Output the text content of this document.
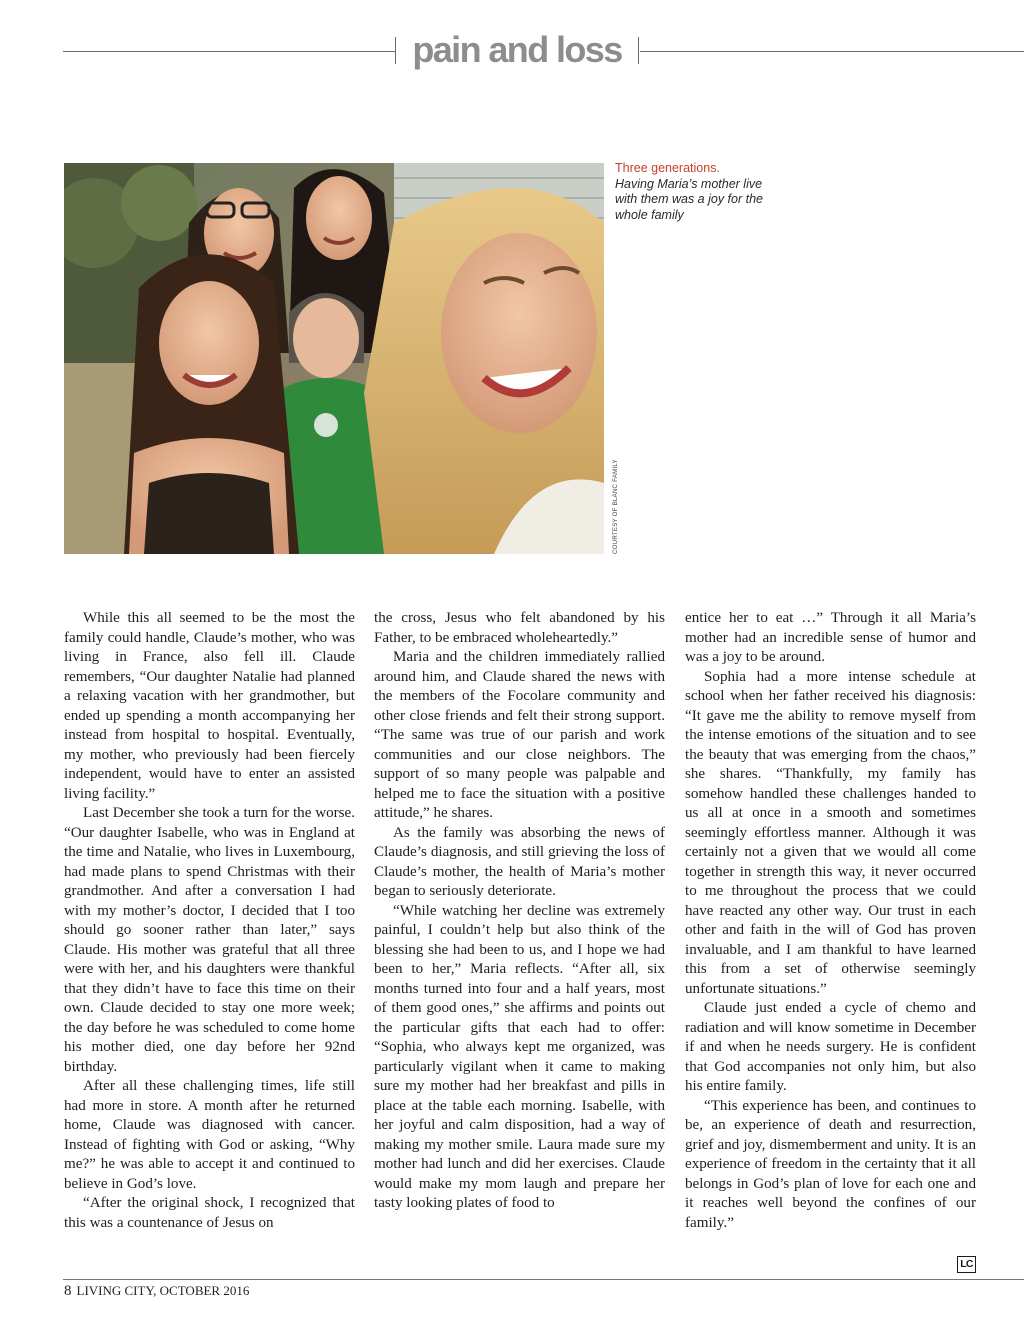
pain and loss
Three generations.
Having Maria’s mother live with them was a joy for the whole family
COURTESY OF BLANC FAMILY

While this all seemed to be the most the family could handle, Claude’s mother, who was living in France, also fell ill. Claude remembers, “Our daughter Natalie had planned a relaxing vacation with her grandmother, but ended up spending a month accompanying her instead from hospital to hospital. Eventually, my mother, who previously had been fiercely independent, would have to enter an assisted living facility.”

Last December she took a turn for the worse. “Our daughter Isabelle, who was in England at the time and Natalie, who lives in Luxembourg, had made plans to spend Christmas with their grandmother. And after a conversation I had with my mother’s doctor, I decided that I too should go sooner rather than later,” says Claude. His mother was grateful that all three were with her, and his daughters were thankful that they didn’t have to face this time on their own. Claude decided to stay one more week; the day before he was scheduled to come home his mother died, one day before her 92nd birthday.

After all these challenging times, life still had more in store. A month after he returned home, Claude was diagnosed with cancer. Instead of fighting with God or asking, “Why me?” he was able to accept it and continued to believe in God’s love.

“After the original shock, I recognized that this was a countenance of Jesus on

the cross, Jesus who felt abandoned by his Father, to be embraced wholeheartedly.”

Maria and the children immediately rallied around him, and Claude shared the news with the members of the Focolare community and other close friends and felt their strong support. “The same was true of our parish and work communities and our close neighbors. The support of so many people was palpable and helped me to face the situation with a positive attitude,” he shares.

As the family was absorbing the news of Claude’s diagnosis, and still grieving the loss of Claude’s mother, the health of Maria’s mother began to seriously deteriorate.

“While watching her decline was extremely painful, I couldn’t help but also think of the blessing she had been to us, and I hope we had been to her,” Maria reflects. “After all, six months turned into four and a half years, most of them good ones,” she affirms and points out the particular gifts that each had to offer: “Sophia, who always kept me organized, was particularly vigilant when it came to making sure my mother had her breakfast and pills in place at the table each morning. Isabelle, with her joyful and calm disposition, had a way of making my mother smile. Laura made sure my mother had lunch and did her exercises. Claude would make my mom laugh and prepare her tasty looking plates of food to

entice her to eat …” Through it all Maria’s mother had an incredible sense of humor and was a joy to be around.

Sophia had a more intense schedule at school when her father received his diagnosis: “It gave me the ability to remove myself from the intense emotions of the situation and to see the beauty that was emerging from the chaos,” she shares. “Thankfully, my family has somehow handled these challenges handed to us all at once in a smooth and sometimes seemingly effortless manner. Although it was certainly not a given that we would all come together in strength this way, it never occurred to me throughout the process that we could have reacted any other way. Our trust in each other and faith in the will of God has proven invaluable, and I am thankful to have learned this from a set of otherwise seemingly unfortunate situations.”

Claude just ended a cycle of chemo and radiation and will know sometime in December if and when he needs surgery. He is confident that God accompanies not only him, but also his entire family.

“This experience has been, and continues to be, an experience of death and resurrection, grief and joy, dismemberment and unity. It is an experience of freedom in the certainty that it all belongs in God’s plan of love for each one and it reaches well beyond the confines of our family.”

LC
8 LIVING CITY, OCTOBER 2016
